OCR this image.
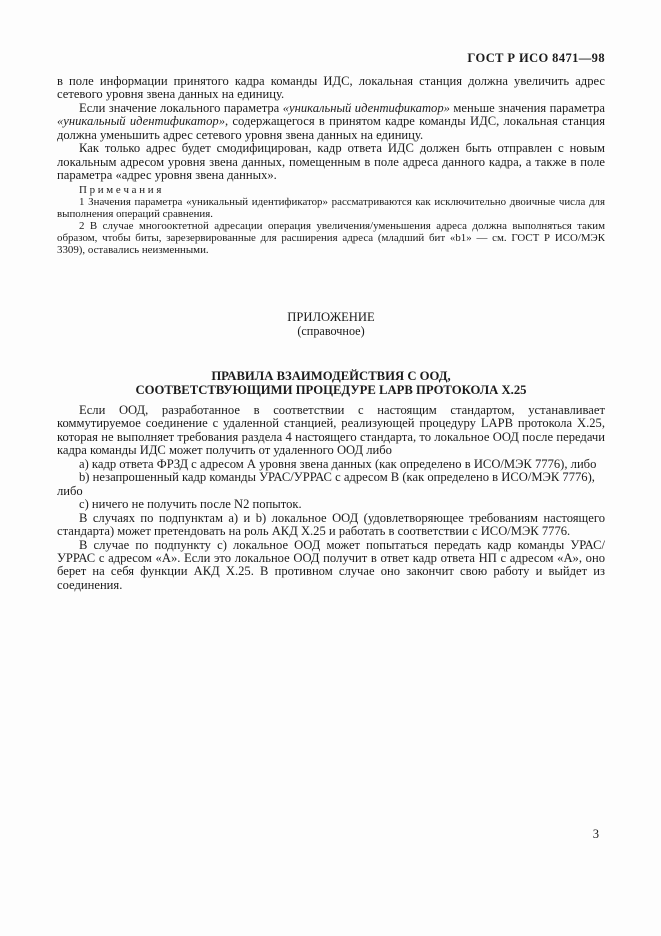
ГОСТ Р ИСО 8471—98

в поле информации принятого кадра команды ИДС, локальная станция должна увеличить адрес сетевого уровня звена данных на единицу.

Если значение локального параметра «уникальный идентификатор» меньше значения параметра «уникальный идентификатор», содержащегося в принятом кадре команды ИДС, локальная станция должна уменьшить адрес сетевого уровня звена данных на единицу.

Как только адрес будет смодифицирован, кадр ответа ИДС должен быть отправлен с новым локальным адресом уровня звена данных, помещенным в поле адреса данного кадра, а также в поле параметра «адрес уровня звена данных».

П р и м е ч а н и я

1 Значения параметра «уникальный идентификатор» рассматриваются как исключительно двоичные числа для выполнения операций сравнения.

2 В случае многооктетной адресации операция увеличения/уменьшения адреса должна выполняться таким образом, чтобы биты, зарезервированные для расширения адреса (младший бит «b1» — см. ГОСТ Р ИСО/МЭК 3309), оставались неизменными.

ПРИЛОЖЕНИЕ
(справочное)
ПРАВИЛА ВЗАИМОДЕЙСТВИЯ С ООД,
СООТВЕТСТВУЮЩИМИ ПРОЦЕДУРЕ LAPB ПРОТОКОЛА Х.25

Если ООД, разработанное в соответствии с настоящим стандартом, устанавливает коммутируемое соединение с удаленной станцией, реализующей процедуру LAPB протокола Х.25, которая не выполняет требования раздела 4 настоящего стандарта, то локальное ООД после передачи кадра команды ИДС может получить от удаленного ООД либо

а) кадр ответа ФРЗД с адресом А уровня звена данных (как определено в ИСО/МЭК 7776), либо

b) незапрошенный кадр команды УРАС/УРРАС с адресом В (как определено в ИСО/МЭК 7776), либо

c) ничего не получить после N2 попыток.

В случаях по подпунктам а) и b) локальное ООД (удовлетворяющее требованиям настоящего стандарта) может претендовать на роль АКД Х.25 и работать в соответствии с ИСО/МЭК 7776.

В случае по подпункту с) локальное ООД может попытаться передать кадр команды УРАС/УРРАС с адресом «А». Если это локальное ООД получит в ответ кадр ответа НП с адресом «А», оно берет на себя функции АКД Х.25. В противном случае оно закончит свою работу и выйдет из соединения.

3
